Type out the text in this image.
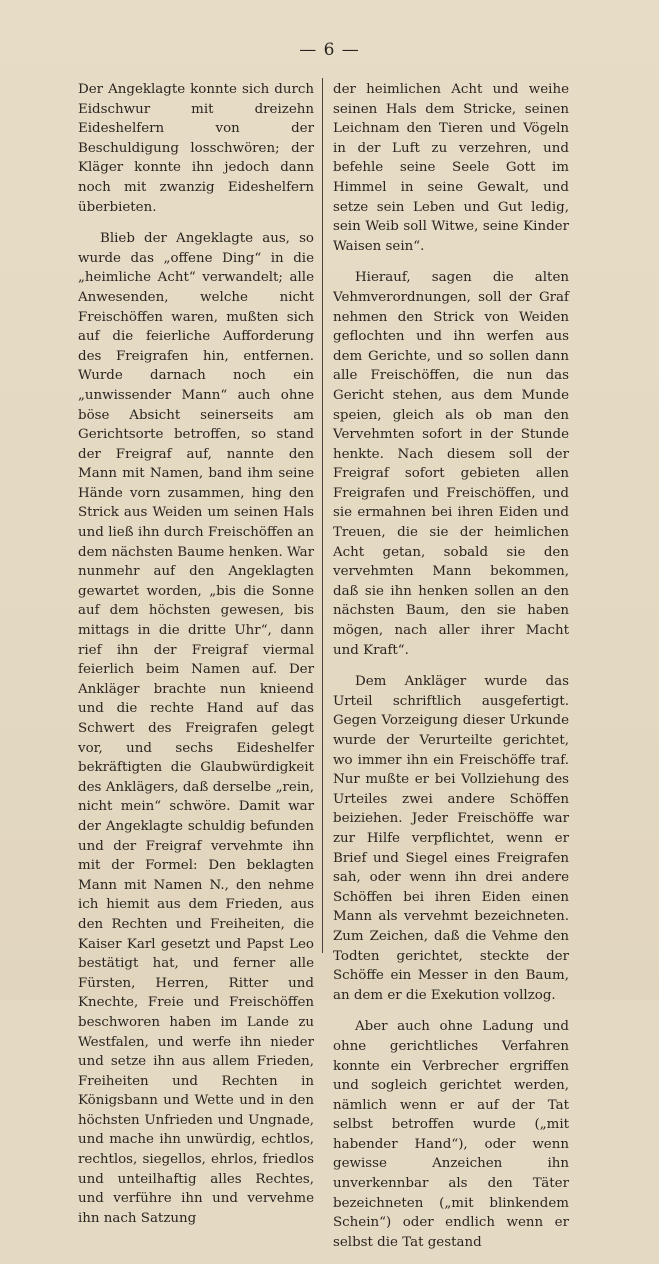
— 6 —

Der Angeklagte konnte sich durch Eidschwur mit dreizehn Eideshelfern von der Beschuldigung losschwören; der Kläger konnte ihn jedoch dann noch mit zwanzig Eideshelfern überbieten.

Blieb der Angeklagte aus, so wurde das „offene Ding“ in die „heimliche Acht“ verwandelt; alle Anwesenden, welche nicht Freischöffen waren, mußten sich auf die feierliche Aufforderung des Freigrafen hin, entfernen. Wurde darnach noch ein „unwissender Mann“ auch ohne böse Absicht seinerseits am Gerichtsorte betroffen, so stand der Freigraf auf, nannte den Mann mit Namen, band ihm seine Hände vorn zusammen, hing den Strick aus Weiden um seinen Hals und ließ ihn durch Freischöffen an dem nächsten Baume henken. War nunmehr auf den Angeklagten gewartet worden, „bis die Sonne auf dem höchsten gewesen, bis mittags in die dritte Uhr“, dann rief ihn der Freigraf viermal feierlich beim Namen auf. Der Ankläger brachte nun knieend und die rechte Hand auf das Schwert des Freigrafen gelegt vor, und sechs Eideshelfer bekräftigten die Glaubwürdigkeit des Anklägers, daß derselbe „rein, nicht mein“ schwöre. Damit war der Angeklagte schuldig befunden und der Freigraf vervehmte ihn mit der Formel: Den beklagten Mann mit Namen N., den nehme ich hiemit aus dem Frieden, aus den Rechten und Freiheiten, die Kaiser Karl gesetzt und Papst Leo bestätigt hat, und ferner alle Fürsten, Herren, Ritter und Knechte, Freie und Freischöffen beschworen haben im Lande zu Westfalen, und werfe ihn nieder und setze ihn aus allem Frieden, Freiheiten und Rechten in Königsbann und Wette und in den höchsten Unfrieden und Ungnade, und mache ihn unwürdig, echtlos, rechtlos, siegellos, ehrlos, friedlos und unteilhaftig alles Rechtes, und verführe ihn und vervehme ihn nach Satzung

der heimlichen Acht und weihe seinen Hals dem Stricke, seinen Leichnam den Tieren und Vögeln in der Luft zu verzehren, und befehle seine Seele Gott im Himmel in seine Gewalt, und setze sein Leben und Gut ledig, sein Weib soll Witwe, seine Kinder Waisen sein“.

Hierauf, sagen die alten Vehmverordnungen, soll der Graf nehmen den Strick von Weiden geflochten und ihn werfen aus dem Gerichte, und so sollen dann alle Freischöffen, die nun das Gericht stehen, aus dem Munde speien, gleich als ob man den Vervehmten sofort in der Stunde henkte. Nach diesem soll der Freigraf sofort gebieten allen Freigrafen und Freischöffen, und sie ermahnen bei ihren Eiden und Treuen, die sie der heimlichen Acht getan, sobald sie den vervehmten Mann bekommen, daß sie ihn henken sollen an den nächsten Baum, den sie haben mögen, nach aller ihrer Macht und Kraft“.

Dem Ankläger wurde das Urteil schriftlich ausgefertigt. Gegen Vorzeigung dieser Urkunde wurde der Verurteilte gerichtet, wo immer ihn ein Freischöffe traf. Nur mußte er bei Vollziehung des Urteiles zwei andere Schöffen beiziehen. Jeder Freischöffe war zur Hilfe verpflichtet, wenn er Brief und Siegel eines Freigrafen sah, oder wenn ihn drei andere Schöffen bei ihren Eiden einen Mann als vervehmt bezeichneten. Zum Zeichen, daß die Vehme den Todten gerichtet, steckte der Schöffe ein Messer in den Baum, an dem er die Exekution vollzog.

Aber auch ohne Ladung und ohne gerichtliches Verfahren konnte ein Verbrecher ergriffen und sogleich gerichtet werden, nämlich wenn er auf der Tat selbst betroffen wurde („mit habender Hand“), oder wenn gewisse Anzeichen ihn unverkennbar als den Täter bezeichneten („mit blinkendem Schein“) oder endlich wenn er selbst die Tat gestand
